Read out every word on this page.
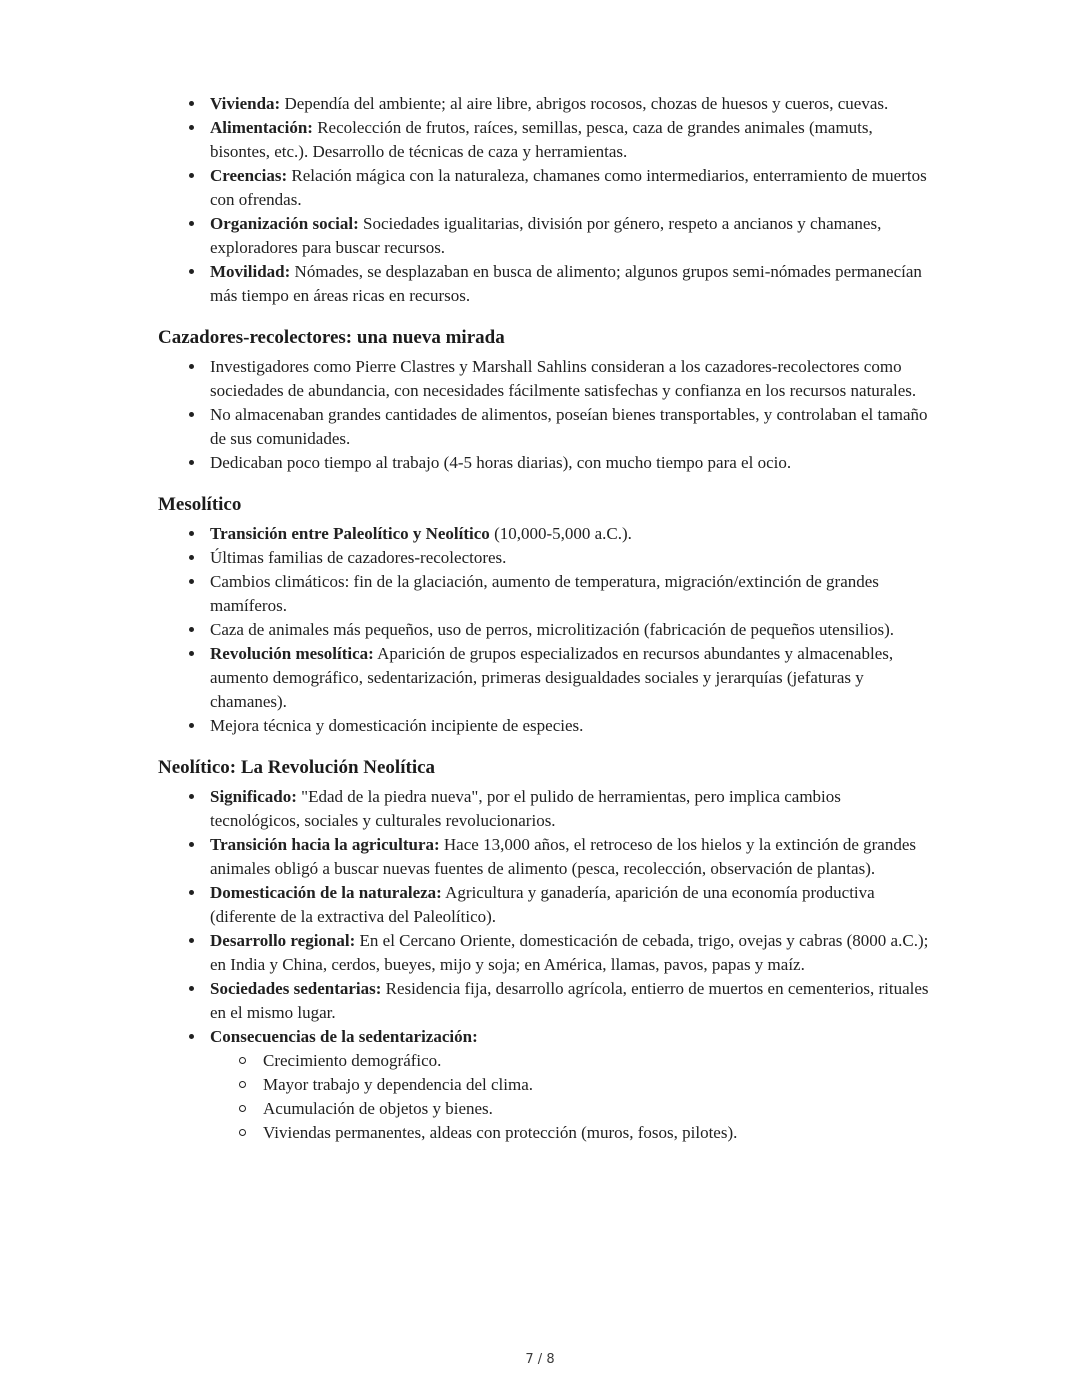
Vivienda: Dependía del ambiente; al aire libre, abrigos rocosos, chozas de huesos y cueros, cuevas.
Alimentación: Recolección de frutos, raíces, semillas, pesca, caza de grandes animales (mamuts, bisontes, etc.). Desarrollo de técnicas de caza y herramientas.
Creencias: Relación mágica con la naturaleza, chamanes como intermediarios, enterramiento de muertos con ofrendas.
Organización social: Sociedades igualitarias, división por género, respeto a ancianos y chamanes, exploradores para buscar recursos.
Movilidad: Nómades, se desplazaban en busca de alimento; algunos grupos semi-nómades permanecían más tiempo en áreas ricas en recursos.
Cazadores-recolectores: una nueva mirada
Investigadores como Pierre Clastres y Marshall Sahlins consideran a los cazadores-recolectores como sociedades de abundancia, con necesidades fácilmente satisfechas y confianza en los recursos naturales.
No almacenaban grandes cantidades de alimentos, poseían bienes transportables, y controlaban el tamaño de sus comunidades.
Dedicaban poco tiempo al trabajo (4-5 horas diarias), con mucho tiempo para el ocio.
Mesolítico
Transición entre Paleolítico y Neolítico (10,000-5,000 a.C.).
Últimas familias de cazadores-recolectores.
Cambios climáticos: fin de la glaciación, aumento de temperatura, migración/extinción de grandes mamíferos.
Caza de animales más pequeños, uso de perros, microlitización (fabricación de pequeños utensilios).
Revolución mesolítica: Aparición de grupos especializados en recursos abundantes y almacenables, aumento demográfico, sedentarización, primeras desigualdades sociales y jerarquías (jefaturas y chamanes).
Mejora técnica y domesticación incipiente de especies.
Neolítico: La Revolución Neolítica
Significado: "Edad de la piedra nueva", por el pulido de herramientas, pero implica cambios tecnológicos, sociales y culturales revolucionarios.
Transición hacia la agricultura: Hace 13,000 años, el retroceso de los hielos y la extinción de grandes animales obligó a buscar nuevas fuentes de alimento (pesca, recolección, observación de plantas).
Domesticación de la naturaleza: Agricultura y ganadería, aparición de una economía productiva (diferente de la extractiva del Paleolítico).
Desarrollo regional: En el Cercano Oriente, domesticación de cebada, trigo, ovejas y cabras (8000 a.C.); en India y China, cerdos, bueyes, mijo y soja; en América, llamas, pavos, papas y maíz.
Sociedades sedentarias: Residencia fija, desarrollo agrícola, entierro de muertos en cementerios, rituales en el mismo lugar.
Consecuencias de la sedentarización:
Crecimiento demográfico.
Mayor trabajo y dependencia del clima.
Acumulación de objetos y bienes.
Viviendas permanentes, aldeas con protección (muros, fosos, pilotes).
7 / 8
